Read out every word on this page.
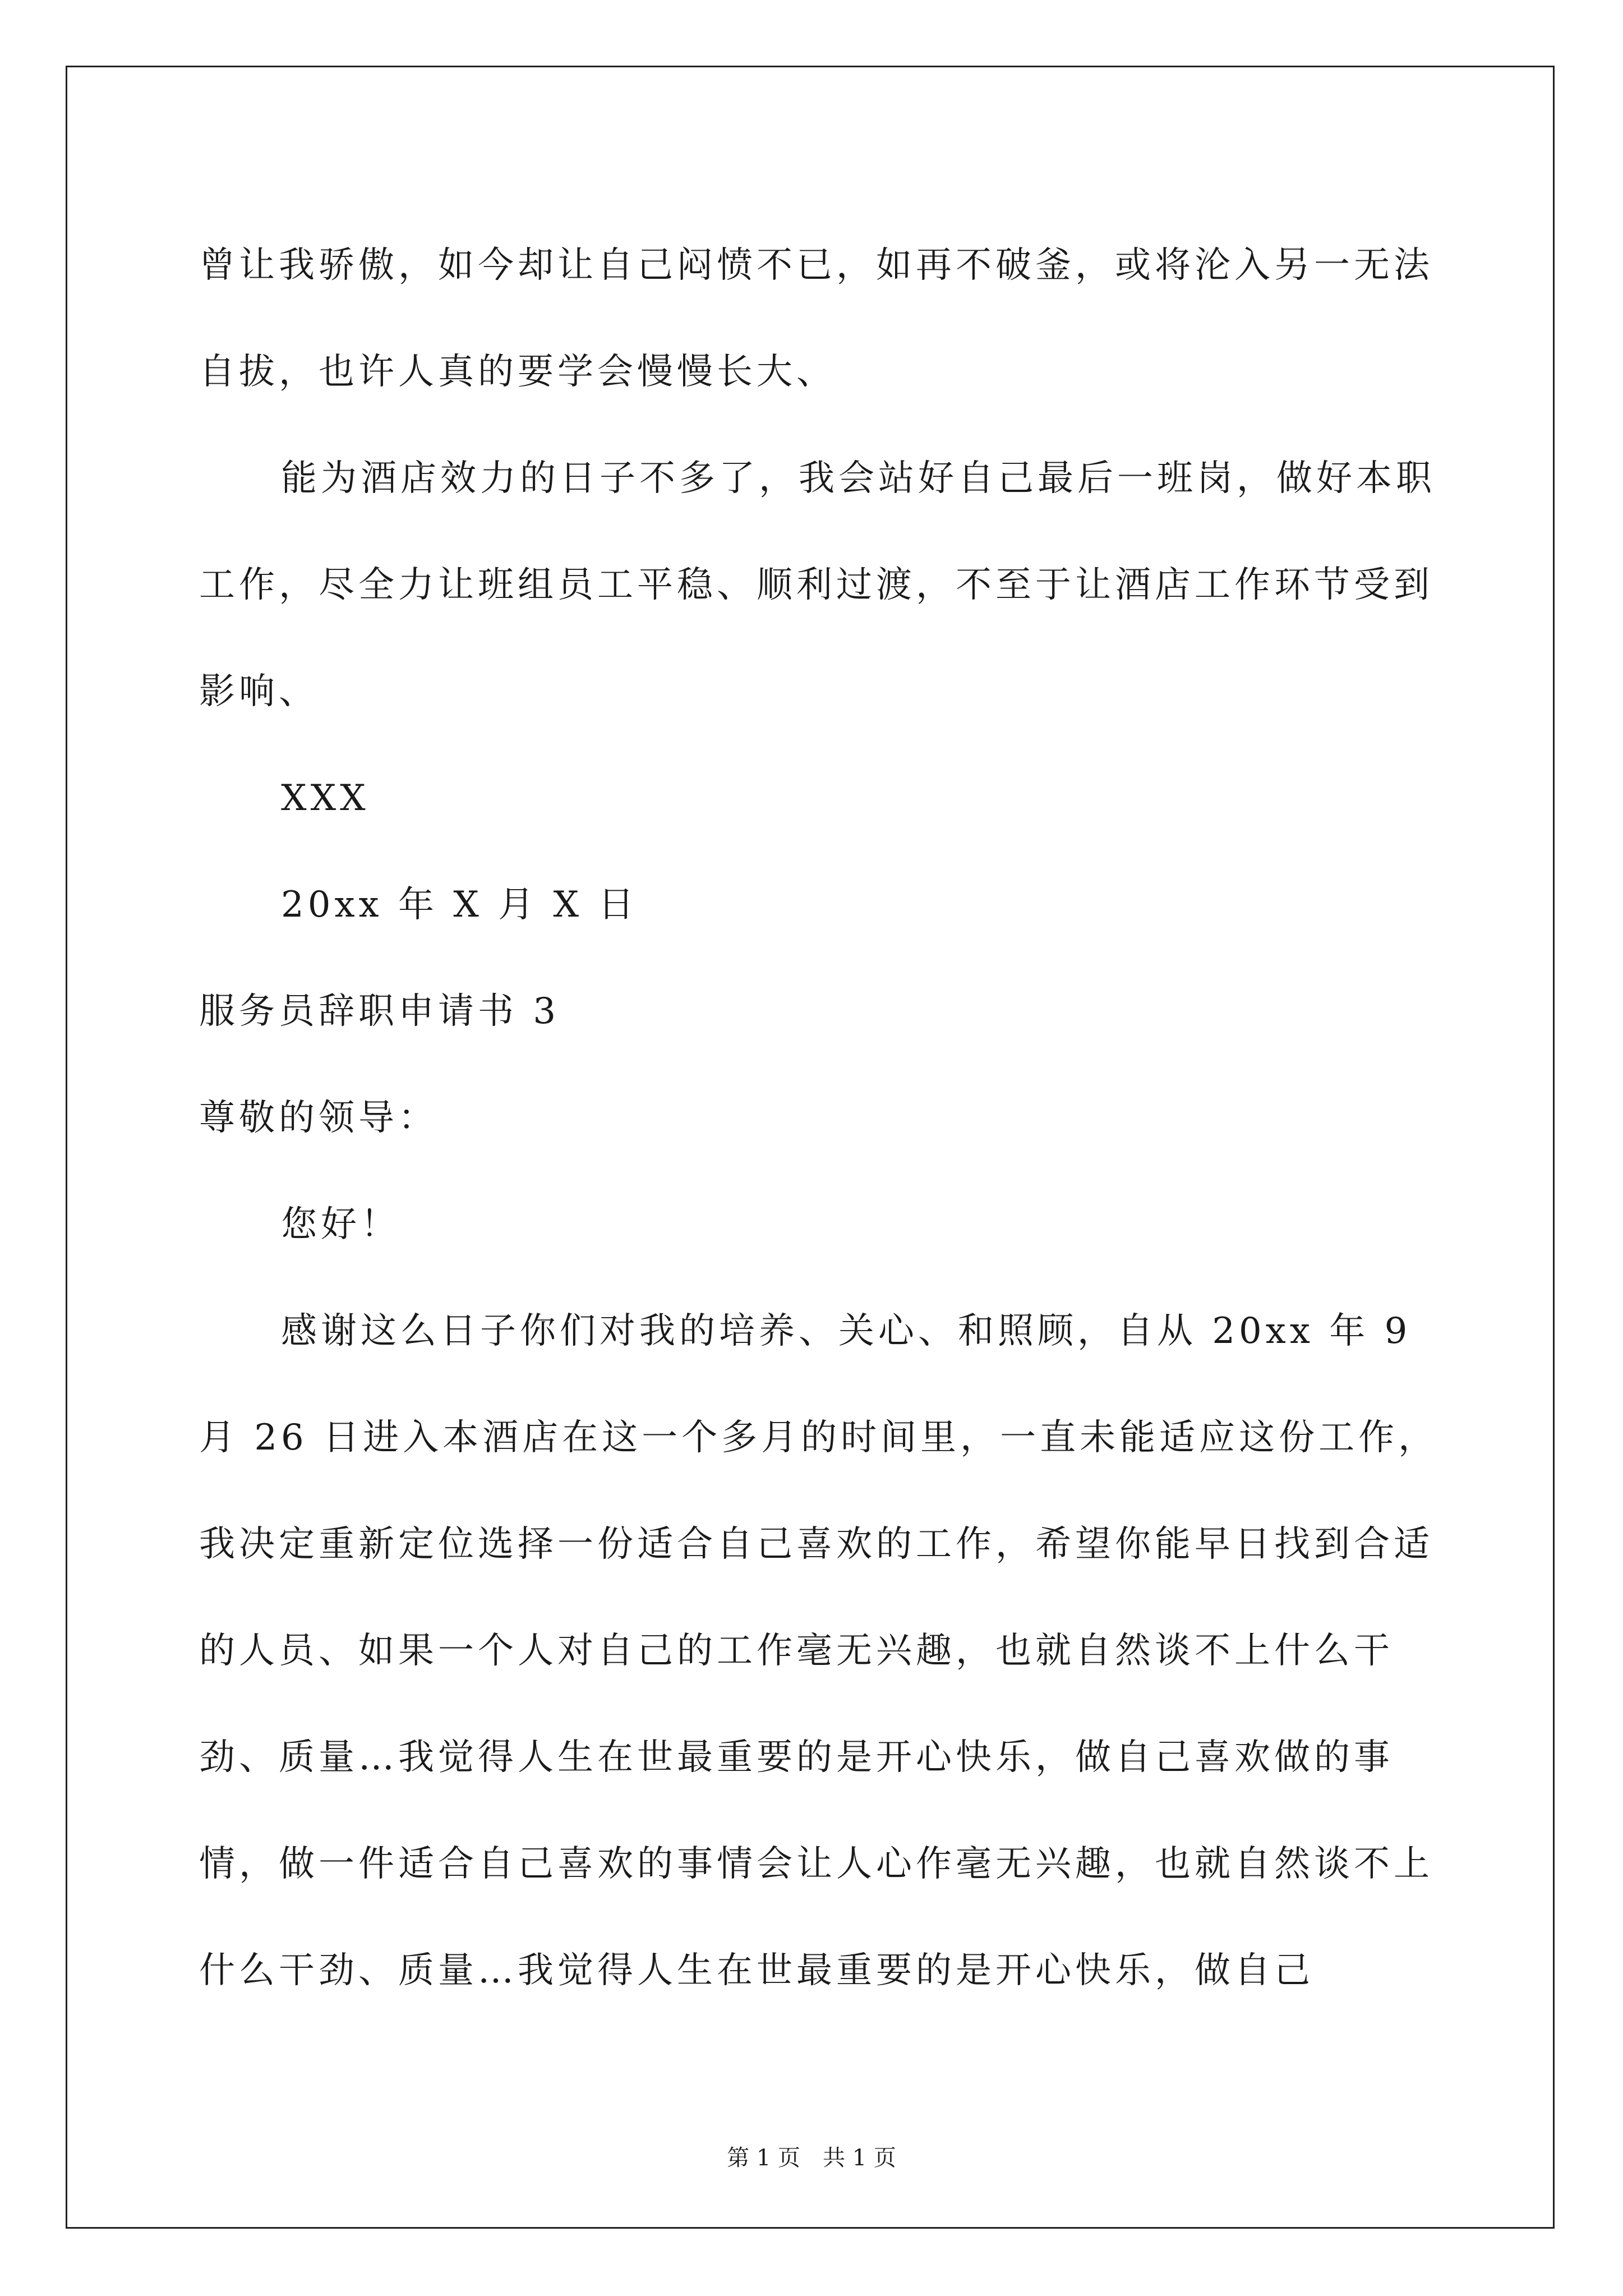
曾让我骄傲，如今却让自己闷愤不已，如再不破釜，或将沦入另一无法自拔，也许人真的要学会慢慢长大、

能为酒店效力的日子不多了，我会站好自己最后一班岗，做好本职工作，尽全力让班组员工平稳、顺利过渡，不至于让酒店工作环节受到影响、

XXX

20xx 年 X 月 X 日

服务员辞职申请书 3

尊敬的领导：

您好！

感谢这么日子你们对我的培养、关心、和照顾，自从 20xx 年 9 月 26 日进入本酒店在这一个多月的时间里，一直未能适应这份工作，我决定重新定位选择一份适合自己喜欢的工作，希望你能早日找到合适的人员、如果一个人对自己的工作毫无兴趣，也就自然谈不上什么干劲、质量…我觉得人生在世最重要的是开心快乐，做自己喜欢做的事情，做一件适合自己喜欢的事情会让人心作毫无兴趣，也就自然谈不上什么干劲、质量…我觉得人生在世最重要的是开心快乐，做自己

第 1 页　共 1 页
